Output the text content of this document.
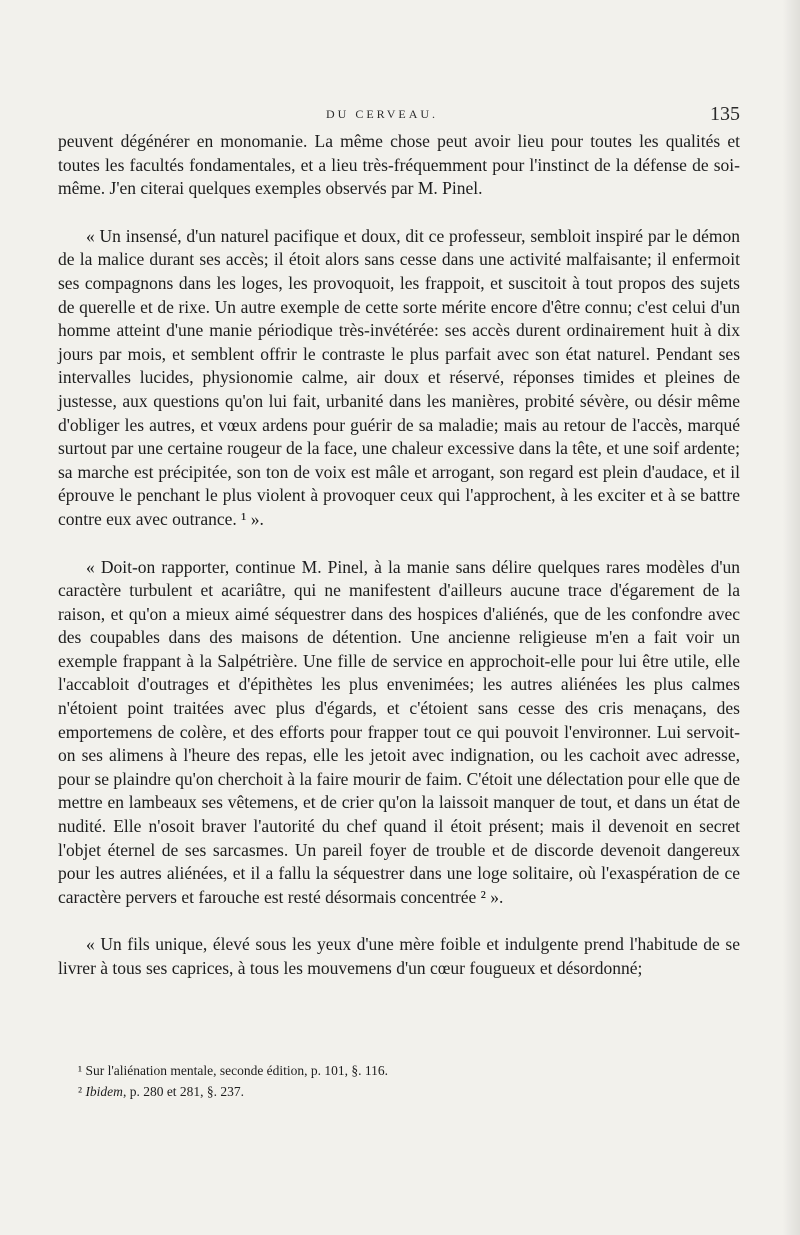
DU CERVEAU.	135

peuvent dégénérer en monomanie. La même chose peut avoir lieu pour toutes les qualités et toutes les facultés fondamentales, et a lieu très-fréquemment pour l'instinct de la défense de soi-même. J'en citerai quelques exemples observés par M. Pinel.

« Un insensé, d'un naturel pacifique et doux, dit ce professeur, sembloit inspiré par le démon de la malice durant ses accès; il étoit alors sans cesse dans une activité malfaisante; il enfermoit ses compagnons dans les loges, les provoquoit, les frappoit, et suscitoit à tout propos des sujets de querelle et de rixe. Un autre exemple de cette sorte mérite encore d'être connu; c'est celui d'un homme atteint d'une manie périodique très-invétérée: ses accès durent ordinairement huit à dix jours par mois, et semblent offrir le contraste le plus parfait avec son état naturel. Pendant ses intervalles lucides, physionomie calme, air doux et réservé, réponses timides et pleines de justesse, aux questions qu'on lui fait, urbanité dans les manières, probité sévère, ou désir même d'obliger les autres, et vœux ardens pour guérir de sa maladie; mais au retour de l'accès, marqué surtout par une certaine rougeur de la face, une chaleur excessive dans la tête, et une soif ardente; sa marche est précipitée, son ton de voix est mâle et arrogant, son regard est plein d'audace, et il éprouve le penchant le plus violent à provoquer ceux qui l'approchent, à les exciter et à se battre contre eux avec outrance. ¹ ».

« Doit-on rapporter, continue M. Pinel, à la manie sans délire quelques rares modèles d'un caractère turbulent et acariâtre, qui ne manifestent d'ailleurs aucune trace d'égarement de la raison, et qu'on a mieux aimé séquestrer dans des hospices d'aliénés, que de les confondre avec des coupables dans des maisons de détention. Une ancienne religieuse m'en a fait voir un exemple frappant à la Salpétrière. Une fille de service en approchoit-elle pour lui être utile, elle l'accabloit d'outrages et d'épithètes les plus envenimées; les autres aliénées les plus calmes n'étoient point traitées avec plus d'égards, et c'étoient sans cesse des cris menaçans, des emportemens de colère, et des efforts pour frapper tout ce qui pouvoit l'environner. Lui servoit-on ses alimens à l'heure des repas, elle les jetoit avec indignation, ou les cachoit avec adresse, pour se plaindre qu'on cherchoit à la faire mourir de faim. C'étoit une délectation pour elle que de mettre en lambeaux ses vêtemens, et de crier qu'on la laissoit manquer de tout, et dans un état de nudité. Elle n'osoit braver l'autorité du chef quand il étoit présent; mais il devenoit en secret l'objet éternel de ses sarcasmes. Un pareil foyer de trouble et de discorde devenoit dangereux pour les autres aliénées, et il a fallu la séquestrer dans une loge solitaire, où l'exaspération de ce caractère pervers et farouche est resté désormais concentrée ² ».

« Un fils unique, élevé sous les yeux d'une mère foible et indulgente prend l'habitude de se livrer à tous ses caprices, à tous les mouvemens d'un cœur fougueux et désordonné;

¹ Sur l'aliénation mentale, seconde édition, p. 101, §. 116.

² Ibidem, p. 280 et 281, §. 237.
